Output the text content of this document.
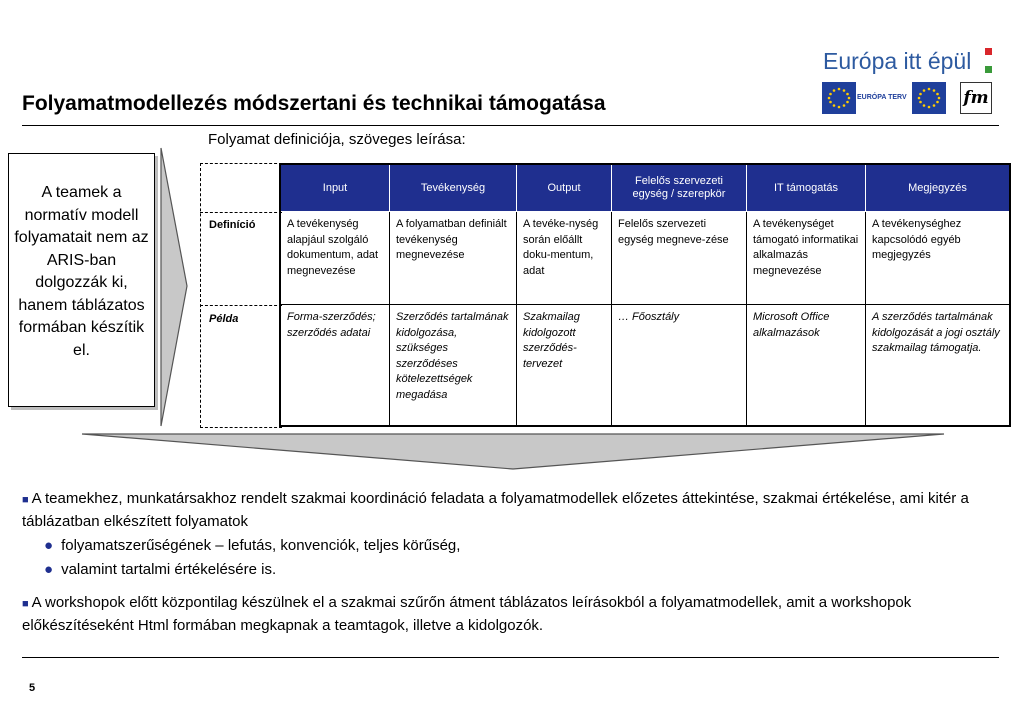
Folyamatmodellezés módszertani és technikai támogatása
Európa itt épül
EURÓPA TERV	fm
Folyamat definiciója, szöveges leírása:
A teamek a normatív modell folyamatait nem az ARIS-ban dolgozzák ki, hanem táblázatos formában készítik el.
Definíció
Példa
Input	Tevékenység	Output	Felelős szervezeti egység / szerepkör	IT támogatás	Megjegyzés
A tevékenység alapjául szolgáló dokumentum, adat megnevezése	A folyamatban definiált tevékenység megnevezése	A tevéke-nység során előállt doku-mentum, adat	Felelős szervezeti egység megneve-zése	A tevékenységet támogató informatikai alkalmazás megnevezése	A tevékenységhez kapcsolódó egyéb megjegyzés
Forma-szerződés; szerződés adatai	Szerződés tartalmának kidolgozása, szükséges szerződéses kötelezettségek megadása	Szakmailag kidolgozott szerződés-tervezet	… Főosztály	Microsoft Office alkalmazások	A szerződés tartalmának kidolgozását a jogi osztály szakmailag támogatja.
■ A teamekhez, munkatársakhoz rendelt szakmai koordináció feladata a folyamatmodellek előzetes áttekintése, szakmai értékelése, ami kitér a táblázatban elkészített folyamatok
● folyamatszerűségének – lefutás, konvenciók, teljes körűség,
● valamint tartalmi értékelésére is.
■ A workshopok előtt központilag készülnek el a szakmai szűrőn átment táblázatos leírásokból a folyamatmodellek, amit a workshopok előkészítéseként Html formában megkapnak a teamtagok, illetve a kidolgozók.
5
